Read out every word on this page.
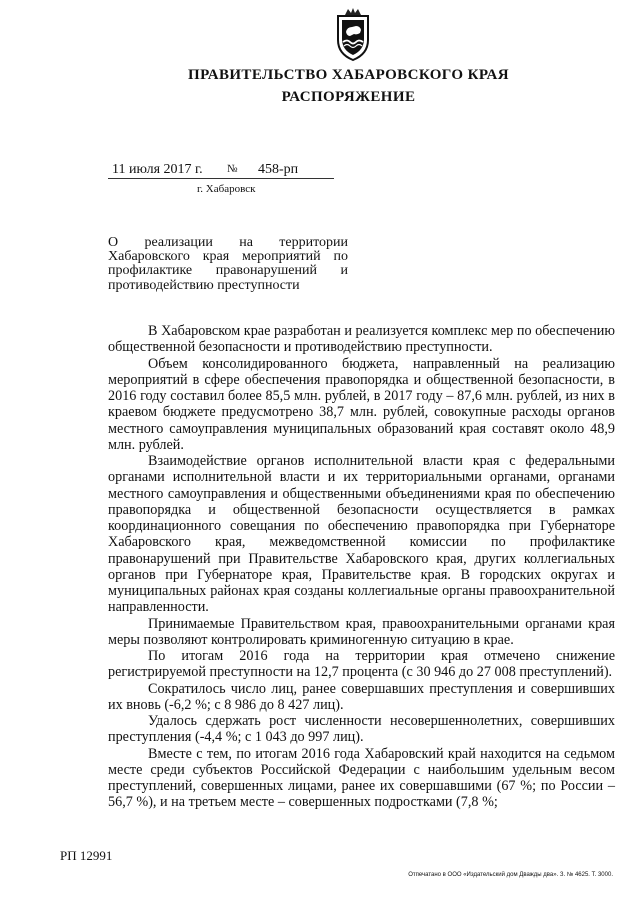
ПРАВИТЕЛЬСТВО ХАБАРОВСКОГО КРАЯ
РАСПОРЯЖЕНИЕ
11 июля 2017 г. № 458-рп
г. Хабаровск
О реализации на территории Хабаровского края мероприятий по профилактике правонарушений и противодействию преступности

В Хабаровском крае разработан и реализуется комплекс мер по обеспечению общественной безопасности и противодействию преступности.

Объем консолидированного бюджета, направленный на реализацию мероприятий в сфере обеспечения правопорядка и общественной безопасности, в 2016 году составил более 85,5 млн. рублей, в 2017 году – 87,6 млн. рублей, из них в краевом бюджете предусмотрено 38,7 млн. рублей, совокупные расходы органов местного самоуправления муниципальных образований края составят около 48,9 млн. рублей.

Взаимодействие органов исполнительной власти края с федеральными органами исполнительной власти и их территориальными органами, органами местного самоуправления и общественными объединениями края по обеспечению правопорядка и общественной безопасности осуществляется в рамках координационного совещания по обеспечению правопорядка при Губернаторе Хабаровского края, межведомственной комиссии по профилактике правонарушений при Правительстве Хабаровского края, других коллегиальных органов при Губернаторе края, Правительстве края. В городских округах и муниципальных районах края созданы коллегиальные органы правоохранительной направленности.

Принимаемые Правительством края, правоохранительными органами края меры позволяют контролировать криминогенную ситуацию в крае.

По итогам 2016 года на территории края отмечено снижение регистрируемой преступности на 12,7 процента (с 30 946 до 27 008 преступлений).

Сократилось число лиц, ранее совершавших преступления и совершивших их вновь (-6,2 %; с 8 986 до 8 427 лиц).

Удалось сдержать рост численности несовершеннолетних, совершивших преступления (-4,4 %; с 1 043 до 997 лиц).

Вместе с тем, по итогам 2016 года Хабаровский край находится на седьмом месте среди субъектов Российской Федерации с наибольшим удельным весом преступлений, совершенных лицами, ранее их совершавшими (67 %; по России – 56,7 %), и на третьем месте – совершенных подростками (7,8 %;

РП 12991
Отпечатано в ООО «Издательский дом Дважды два». З. № 4625. Т. 3000.
